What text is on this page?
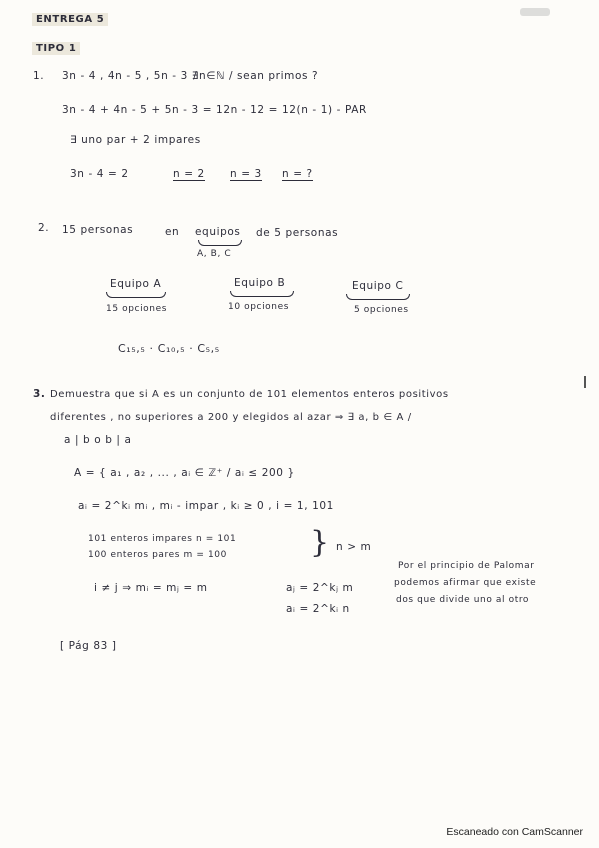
ENTREGA 5
TIPO 1
1. 3n - 4 , 4n - 5 , 5n - 3 ∄n∈ℕ / sean primos ?
3n - 4 + 4n - 5 + 5n - 3 = 12n - 12 = 12(n - 1) - PAR
∃ uno par + 2 impares
3n - 4 = 2	n = 2 n = 3 n = ?
2. 15 personas	en equipos de 5 personas
A, B, C
Equipo A
15 opciones
Equipo B
10 opciones
Equipo C
5 opciones
C₁₅,₅ · C₁₀,₅ · C₅,₅
3. Demuestra que si A es un conjunto de 101 elementos enteros positivos
diferentes , no superiores a 200 y elegidos al azar ⇒ ∃ a, b ∈ A /
a | b o b | a
A = { a₁ , a₂ , ... , aᵢ ∈ ℤ⁺ / aᵢ ≤ 200 }
aᵢ = 2^kᵢ mᵢ , mᵢ - impar , kᵢ ≥ 0 , i = 1, 101
101 enteros impares n = 101
100 enteros pares m = 100	} n > m
i ≠ j ⇒ mᵢ = mⱼ = m	aⱼ = 2^kⱼ m
aᵢ = 2^kᵢ n
Por el principio de Palomar
podemos afirmar que existe
dos que divide uno al otro
[ Pág 83 ]
Escaneado con CamScanner
